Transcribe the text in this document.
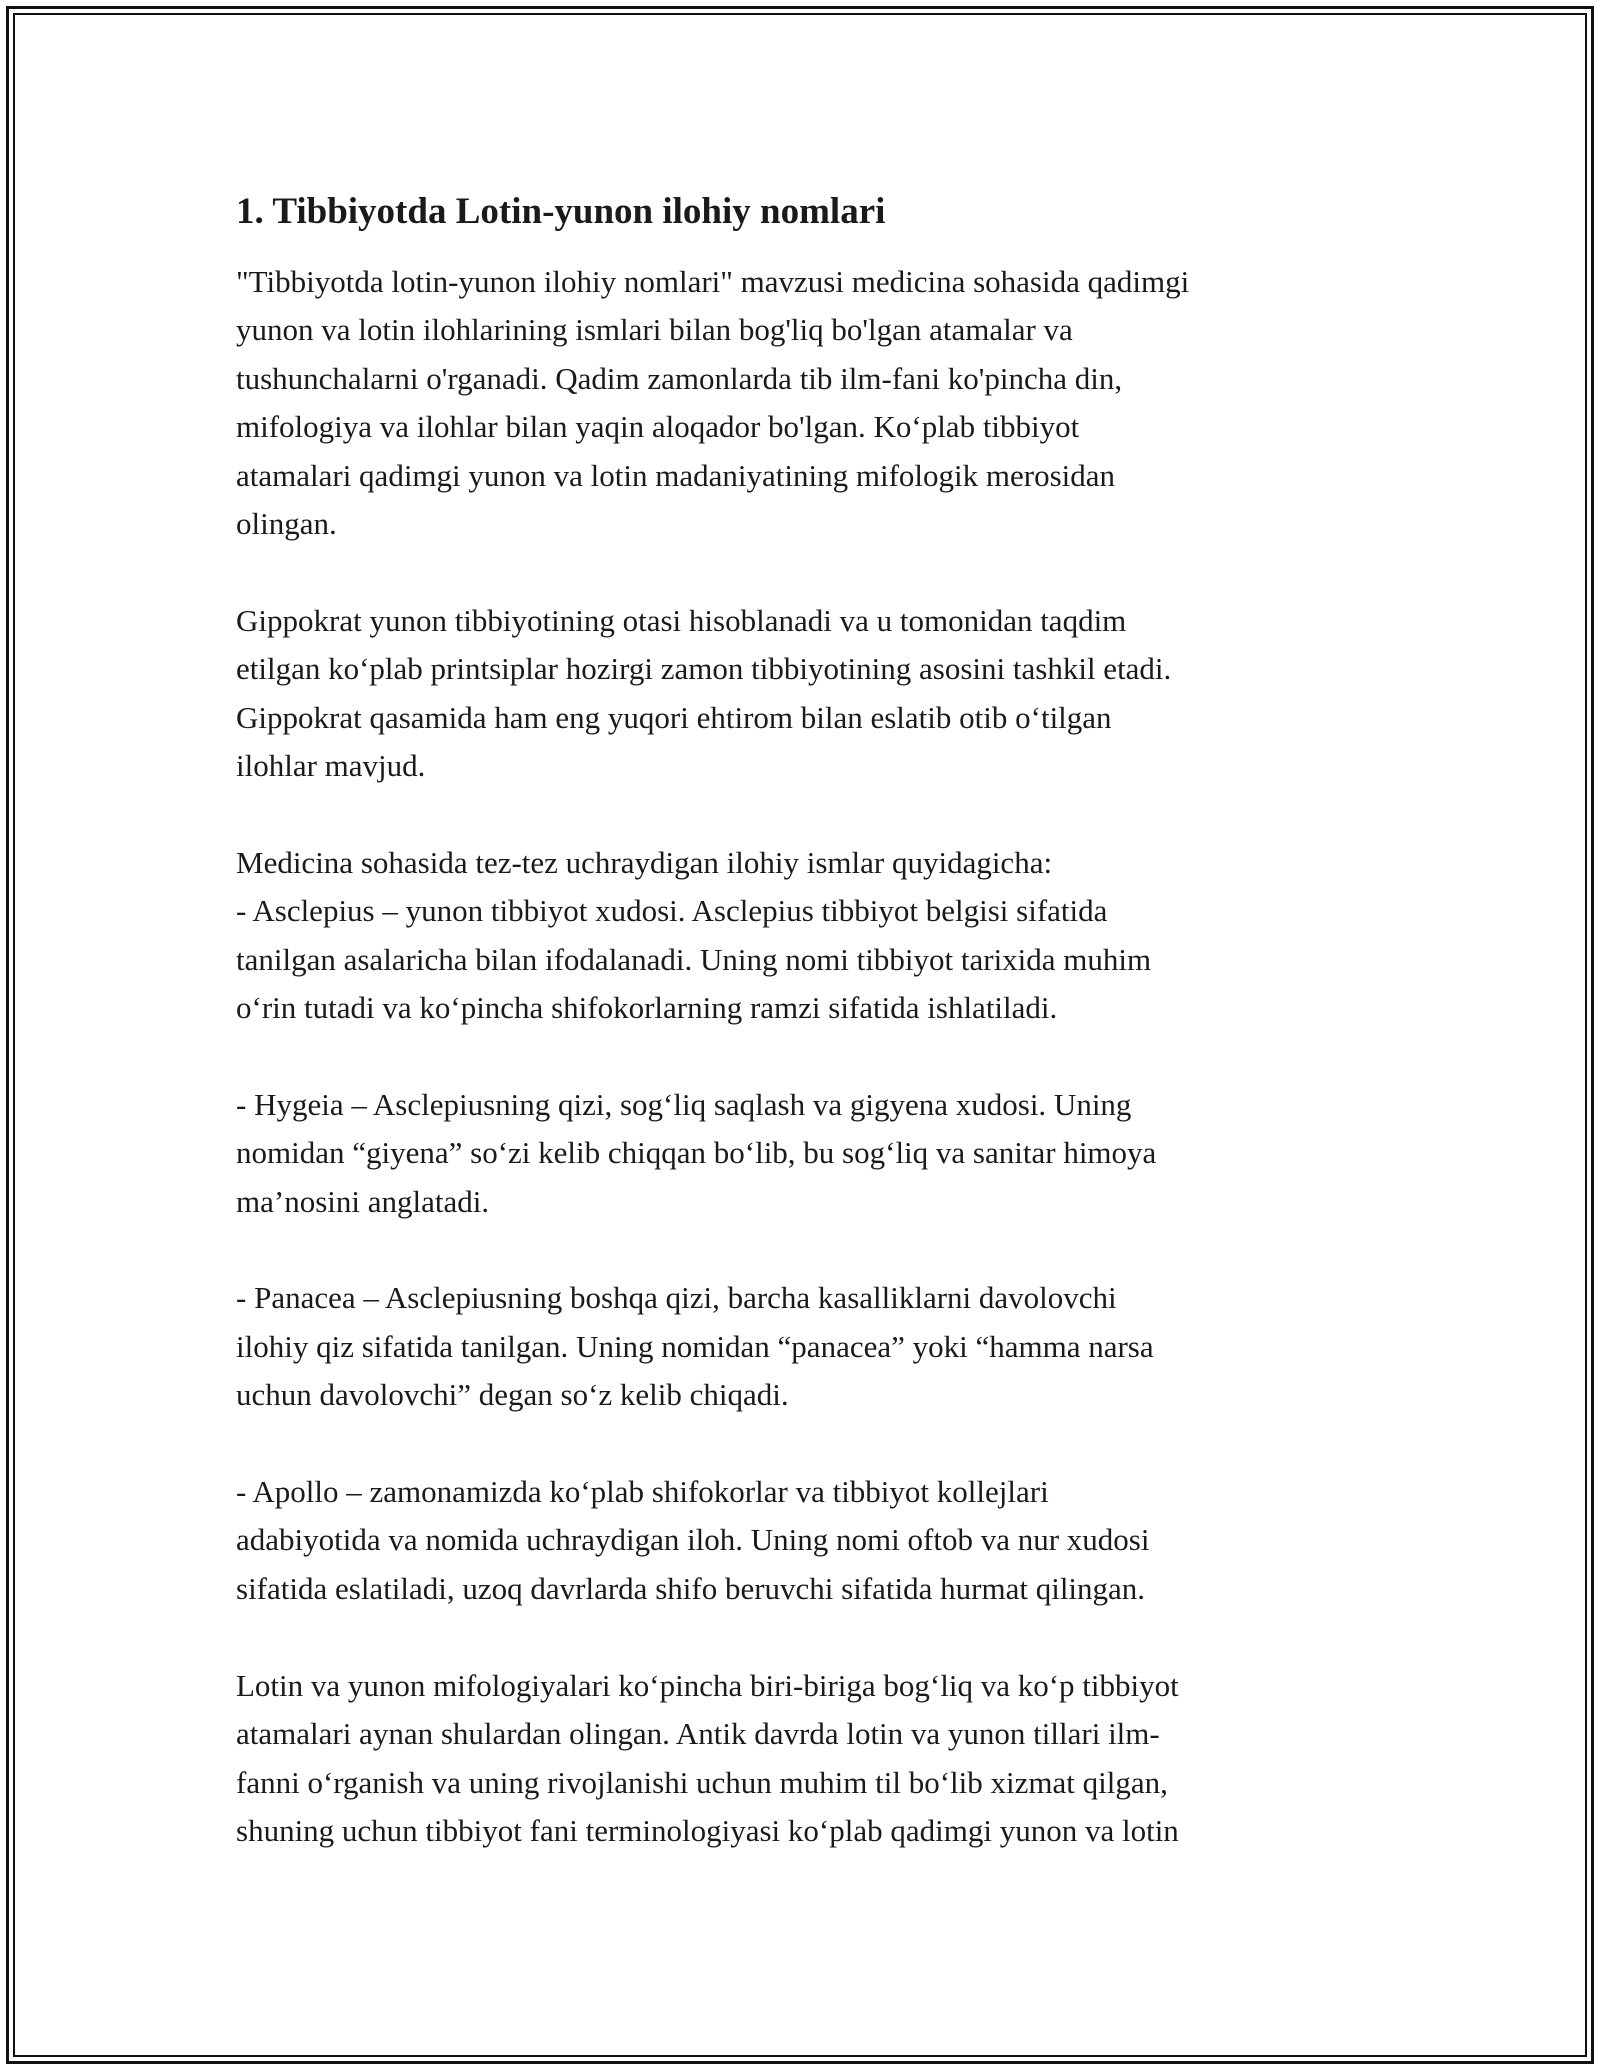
1. Tibbiyotda Lotin-yunon ilohiy nomlari

"Tibbiyotda lotin-yunon ilohiy nomlari" mavzusi medicina sohasida qadimgi

yunon va lotin ilohlarining ismlari bilan bog'liq bo'lgan atamalar va

tushunchalarni o'rganadi. Qadim zamonlarda tib ilm-fani ko'pincha din,

mifologiya va ilohlar bilan yaqin aloqador bo'lgan. Ko‘plab tibbiyot

atamalari qadimgi yunon va lotin madaniyatining mifologik merosidan

olingan.

Gippokrat yunon tibbiyotining otasi hisoblanadi va u tomonidan taqdim

etilgan ko‘plab printsiplar hozirgi zamon tibbiyotining asosini tashkil etadi.

Gippokrat qasamida ham eng yuqori ehtirom bilan eslatib otib o‘tilgan

ilohlar mavjud.

Medicina sohasida tez-tez uchraydigan ilohiy ismlar quyidagicha:

- Asclepius – yunon tibbiyot xudosi. Asclepius tibbiyot belgisi sifatida

tanilgan asalaricha bilan ifodalanadi. Uning nomi tibbiyot tarixida muhim

o‘rin tutadi va ko‘pincha shifokorlarning ramzi sifatida ishlatiladi.

- Hygeia – Asclepiusning qizi, sog‘liq saqlash va gigyena xudosi. Uning

nomidan “giyena” so‘zi kelib chiqqan bo‘lib, bu sog‘liq va sanitar himoya

ma’nosini anglatadi.

- Panacea – Asclepiusning boshqa qizi, barcha kasalliklarni davolovchi

ilohiy qiz sifatida tanilgan. Uning nomidan “panacea” yoki “hamma narsa

uchun davolovchi” degan so‘z kelib chiqadi.

- Apollo – zamonamizda ko‘plab shifokorlar va tibbiyot kollejlari

adabiyotida va nomida uchraydigan iloh. Uning nomi oftob va nur xudosi

sifatida eslatiladi, uzoq davrlarda shifo beruvchi sifatida hurmat qilingan.

Lotin va yunon mifologiyalari ko‘pincha biri-biriga bog‘liq va ko‘p tibbiyot

atamalari aynan shulardan olingan. Antik davrda lotin va yunon tillari ilm-

fanni o‘rganish va uning rivojlanishi uchun muhim til bo‘lib xizmat qilgan,

shuning uchun tibbiyot fani terminologiyasi ko‘plab qadimgi yunon va lotin
